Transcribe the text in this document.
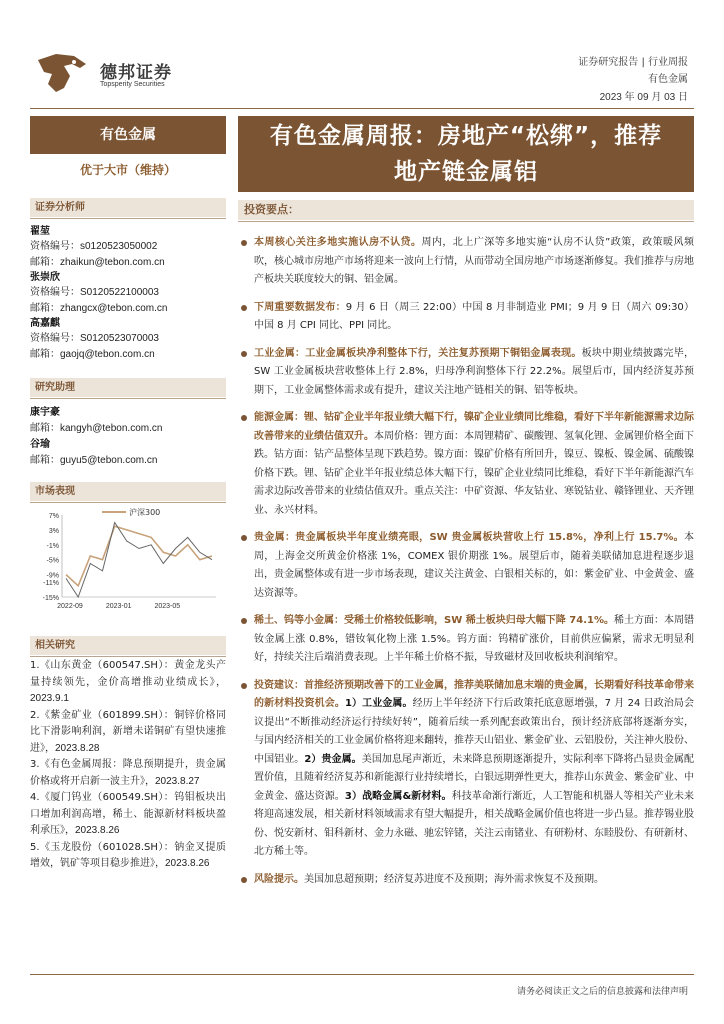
德邦证券
Topsperity Securities
证券研究报告 | 行业周报
有色金属
2023 年 09 月 03 日
有色金属
优于大市（维持）
证券分析师
翟堃
资格编号：s0120523050002
邮箱：zhaikun@tebon.com.cn
张崇欣
资格编号：S0120522100003
邮箱：zhangcx@tebon.com.cn
高嘉麒
资格编号：S0120523070003
邮箱：gaojq@tebon.com.cn
研究助理
康宇豪
邮箱：kangyh@tebon.com.cn
谷瑜
邮箱：guyu5@tebon.com.cn
市场表现
7%
3%
-1%
-5%
-9%
-11%
-15%
2022-09	2023-01	2023-05
沪深300
相关研究
1.《山东黄金（600547.SH）：黄金龙头产量持续领先，金价高增推动业绩成长》，2023.9.1
2.《紫金矿业（601899.SH）：铜锌价格同比下滑影响利润，新增未诺铜矿有望快速推进》，2023.8.28
3.《有色金属周报：降息预期提升，贵金属价格或将开启新一波主升》，2023.8.27
4.《厦门钨业（600549.SH）：钨钼板块出口增加利润高增，稀土、能源新材料板块盈利承压》，2023.8.26
5.《玉龙股份（601028.SH）：钠金叉提质增效，钒矿等项目稳步推进》，2023.8.26
有色金属周报：房地产“松绑”，推荐地产链金属铝
投资要点：
本周核心关注多地实施认房不认贷。周内，北上广深等多地实施“认房不认贷”政策，政策暖风频吹，核心城市房地产市场将迎来一波向上行情，从而带动全国房地产市场逐渐修复。我们推荐与房地产板块关联度较大的铜、铝金属。
下周重要数据发布：9 月 6 日（周三 22:00）中国 8 月非制造业 PMI；9 月 9 日（周六 09:30）中国 8 月 CPI 同比、PPI 同比。
工业金属：工业金属板块净利整体下行，关注复苏预期下铜铝金属表现。板块中期业绩披露完毕，SW 工业金属板块营收整体上行 2.8%，归母净利润整体下行 22.2%。展望后市，国内经济复苏预期下，工业金属整体需求或有提升，建议关注地产链相关的铜、铝等板块。
能源金属：锂、钴矿企业半年报业绩大幅下行，镍矿企业业绩同比维稳，看好下半年新能源需求边际改善带来的业绩估值双升。本周价格：锂方面：本周锂精矿、碳酸锂、氢氧化锂、金属锂价格全面下跌。钴方面：钴产品整体呈现下跌趋势。镍方面：镍矿价格有所回升，镍豆、镍板、镍金属、硫酸镍价格下跌。锂、钴矿企业半年报业绩总体大幅下行，镍矿企业业绩同比维稳，看好下半年新能源汽车需求边际改善带来的业绩估值双升。重点关注：中矿资源、华友钴业、寒锐钴业、赣锋锂业、天齐锂业、永兴材料。
贵金属：贵金属板块半年度业绩亮眼，SW 贵金属板块营收上行 15.8%，净利上行 15.7%。本周，上海金交所黄金价格涨 1%，COMEX 银价期涨 1%。展望后市，随着美联储加息进程逐步退出，贵金属整体或有进一步市场表现，建议关注黄金、白银相关标的，如：紫金矿业、中金黄金、盛达资源等。
稀土、钨等小金属：受稀土价格较低影响，SW 稀土板块归母大幅下降 74.1%。稀土方面：本周镨钕金属上涨 0.8%，镨钕氧化物上涨 1.5%。钨方面：钨精矿涨价，目前供应偏紧，需求无明显利好，持续关注后端消费表现。上半年稀土价格不振，导致磁材及回收板块利润缩窄。
投资建议：首推经济预期改善下的工业金属，推荐美联储加息末端的贵金属，长期看好科技革命带来的新材料投资机会。1）工业金属。经历上半年经济下行后政策托底意愿增强，7 月 24 日政治局会议提出“不断推动经济运行持续好转”，随着后续一系列配套政策出台，预计经济底部将逐渐夯实，与国内经济相关的工业金属价格将迎来翻转，推荐天山铝业、紫金矿业、云铝股份，关注神火股份、中国铝业。2）贵金属。美国加息尾声渐近，未来降息预期逐渐提升，实际利率下降将凸显贵金属配置价值，且随着经济复苏和新能源行业持续增长，白银远期弹性更大，推荐山东黄金、紫金矿业、中金黄金、盛达资源。3）战略金属&新材料。科技革命渐行渐近，人工智能和机器人等相关产业未来将迎高速发展，相关新材料领域需求有望大幅提升，相关战略金属价值也将进一步凸显。推荐锡业股份、悦安新材、钼科新材、金力永磁、驰宏锌锗，关注云南锗业、有研粉材、东睦股份、有研新材、北方稀土等。
风险提示。美国加息超预期；经济复苏进度不及预期；海外需求恢复不及预期。
请务必阅读正文之后的信息披露和法律声明
